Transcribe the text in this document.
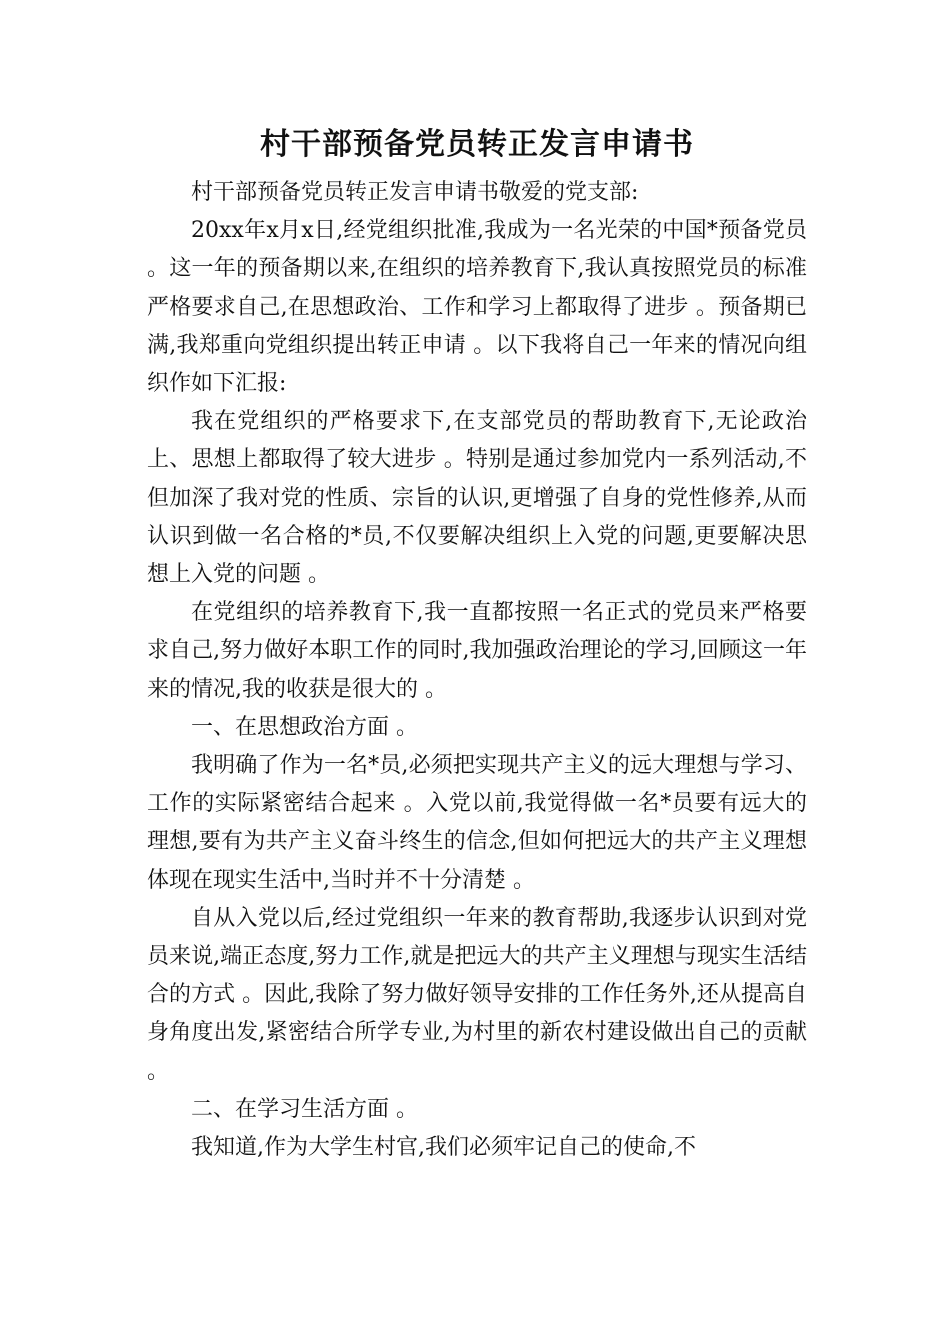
村干部预备党员转正发言申请书

村干部预备党员转正发言申请书敬爱的党支部:

20xx年x月x日,经党组织批准,我成为一名光荣的中国*预备党员 。这一年的预备期以来,在组织的培养教育下,我认真按照党员的标准严格要求自己,在思想政治、工作和学习上都取得了进步 。预备期已满,我郑重向党组织提出转正申请 。以下我将自己一年来的情况向组织作如下汇报:

我在党组织的严格要求下,在支部党员的帮助教育下,无论政治上、思想上都取得了较大进步 。特别是通过参加党内一系列活动,不但加深了我对党的性质、宗旨的认识,更增强了自身的党性修养,从而认识到做一名合格的*员,不仅要解决组织上入党的问题,更要解决思想上入党的问题 。

在党组织的培养教育下,我一直都按照一名正式的党员来严格要求自己,努力做好本职工作的同时,我加强政治理论的学习,回顾这一年来的情况,我的收获是很大的 。

一、在思想政治方面 。

我明确了作为一名*员,必须把实现共产主义的远大理想与学习、工作的实际紧密结合起来 。入党以前,我觉得做一名*员要有远大的理想,要有为共产主义奋斗终生的信念,但如何把远大的共产主义理想体现在现实生活中,当时并不十分清楚 。

自从入党以后,经过党组织一年来的教育帮助,我逐步认识到对党员来说,端正态度,努力工作,就是把远大的共产主义理想与现实生活结合的方式 。因此,我除了努力做好领导安排的工作任务外,还从提高自身角度出发,紧密结合所学专业,为村里的新农村建设做出自己的贡献 。

二、在学习生活方面 。

我知道,作为大学生村官,我们必须牢记自己的使命,不
